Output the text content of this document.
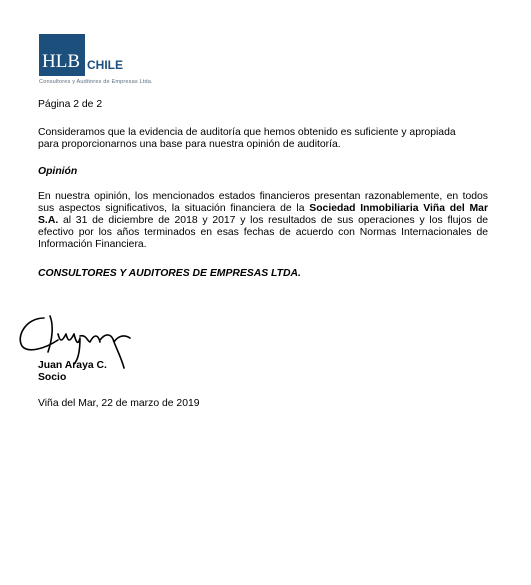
HLB CHILE
Consultores y Auditores de Empresas Ltda.
Página 2 de 2
Consideramos que la evidencia de auditoría que hemos obtenido es suficiente y apropiada
para proporcionarnos una base para nuestra opinión de auditoría.
Opinión
En nuestra opinión, los mencionados estados financieros presentan razonablemente, en todos sus aspectos significativos, la situación financiera de la Sociedad Inmobiliaria Viña del Mar S.A. al 31 de diciembre de 2018 y 2017 y los resultados de sus operaciones y los flujos de efectivo por los años terminados en esas fechas de acuerdo con Normas Internacionales de Información Financiera.
CONSULTORES Y AUDITORES DE EMPRESAS LTDA.
Juan Araya C.
Socio
Viña del Mar, 22 de marzo de 2019
